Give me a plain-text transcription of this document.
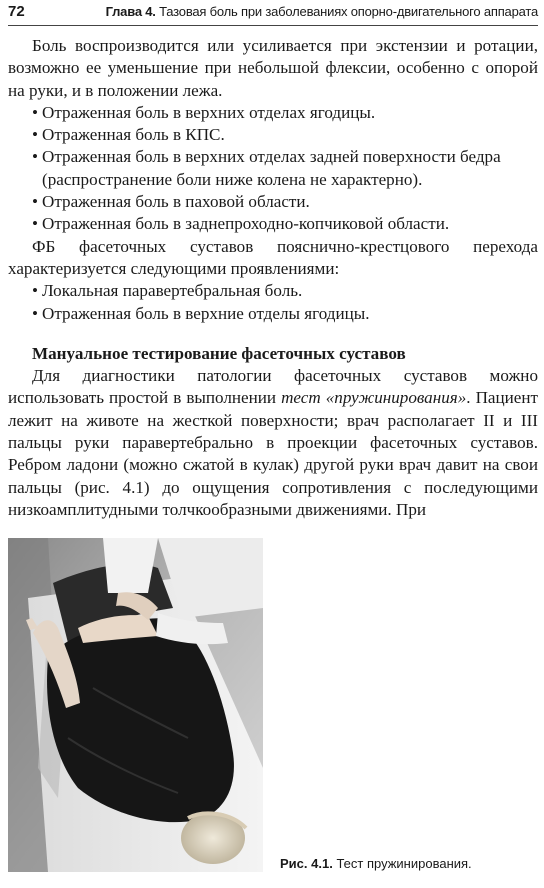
72	Глава 4. Тазовая боль при заболеваниях опорно-двигательного аппарата

Боль воспроизводится или усиливается при экстензии и ротации, возможно ее уменьшение при небольшой флексии, особенно с опорой на руки, и в положении лежа.

• Отраженная боль в верхних отделах ягодицы.
• Отраженная боль в КПС.
• Отраженная боль в верхних отделах задней поверхности бедра (распространение боли ниже колена не характерно).
• Отраженная боль в паховой области.
• Отраженная боль в заднепроходно-копчиковой области.

ФБ фасеточных суставов пояснично-крестцового перехода характеризуется следующими проявлениями:

• Локальная паравертебральная боль.
• Отраженная боль в верхние отделы ягодицы.
Мануальное тестирование фасеточных суставов

Для диагностики патологии фасеточных суставов можно использовать простой в выполнении тест «пружинирования». Пациент лежит на животе на жесткой поверхности; врач располагает II и III пальцы руки паравертебрально в проекции фасеточных суставов. Ребром ладони (можно сжатой в кулак) другой руки врач давит на свои пальцы (рис. 4.1) до ощущения сопротивления с последующими низкоамплитудными толчкообразными движениями. При

Рис. 4.1. Тест пружинирования.
